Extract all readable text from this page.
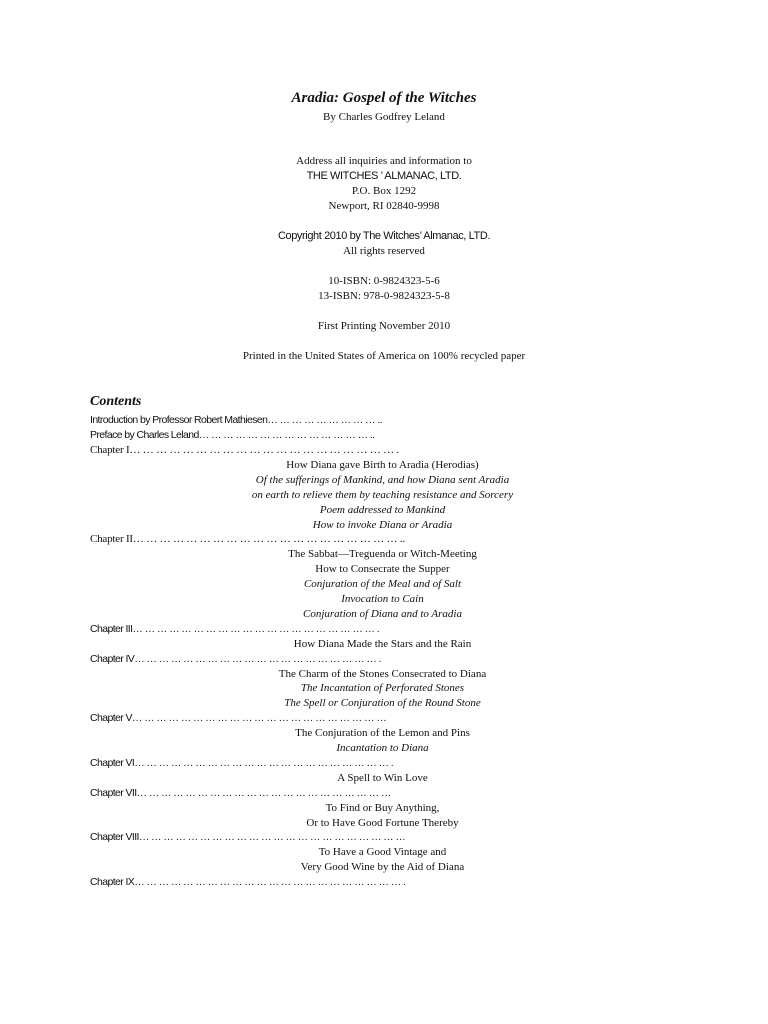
Aradia: Gospel of the Witches
By Charles Godfrey Leland
Address all inquiries and information to
THE WITCHES ’ ALMANAC, LTD.
P.O. Box 1292
Newport, RI 02840-9998
Copyright 2010 by The Witches’ Almanac, LTD.
All rights reserved
10-ISBN: 0-9824323-5-6
13-ISBN: 978-0-9824323-5-8
First Printing November 2010
Printed in the United States of America on 100% recycled paper
Contents
Introduction by Professor Robert Mathiesen… … … … … … … … … ..
Preface by Charles Leland… … … … … … … … … … … … … … ..
Chapter I… … … … … … … … … … … … … … … … … … … … .
How Diana gave Birth to Aradia (Herodias)
Of the sufferings of Mankind, and how Diana sent Aradia
on earth to relieve them by teaching resistance and Sorcery
Poem addressed to Mankind
How to invoke Diana or Aradia
Chapter II… … … … … … … … … … … … … … … … … … … … ..
The Sabbat—Treguenda or Witch-Meeting
How to Consecrate the Supper
Conjuration of the Meal and of Salt
Invocation to Cain
Conjuration of Diana and to Aradia
Chapter III… … … … … … … … … … … … … … … … … … … … .
How Diana Made the Stars and the Rain
Chapter IV… … … … … … … … … … … … … … … … … … … … .
The Charm of the Stones Consecrated to Diana
The Incantation of Perforated Stones
The Spell or Conjuration of the Round Stone
Chapter V… … … … … … … … … … … … … … … … … … … … …
The Conjuration of the Lemon and Pins
Incantation to Diana
Chapter VI… … … … … … … … … … … … … … … … … … … … … .
A Spell to Win Love
Chapter VII… … … … … … … … … … … … … … … … … … … … …
To Find or Buy Anything,
Or to Have Good Fortune Thereby
Chapter VIII… … … … … … … … … … … … … … … … … … … … … …
To Have a Good Vintage and
Very Good Wine by the Aid of Diana
Chapter IX… … … … … … … … … … … … … … … … … … … … … … .
